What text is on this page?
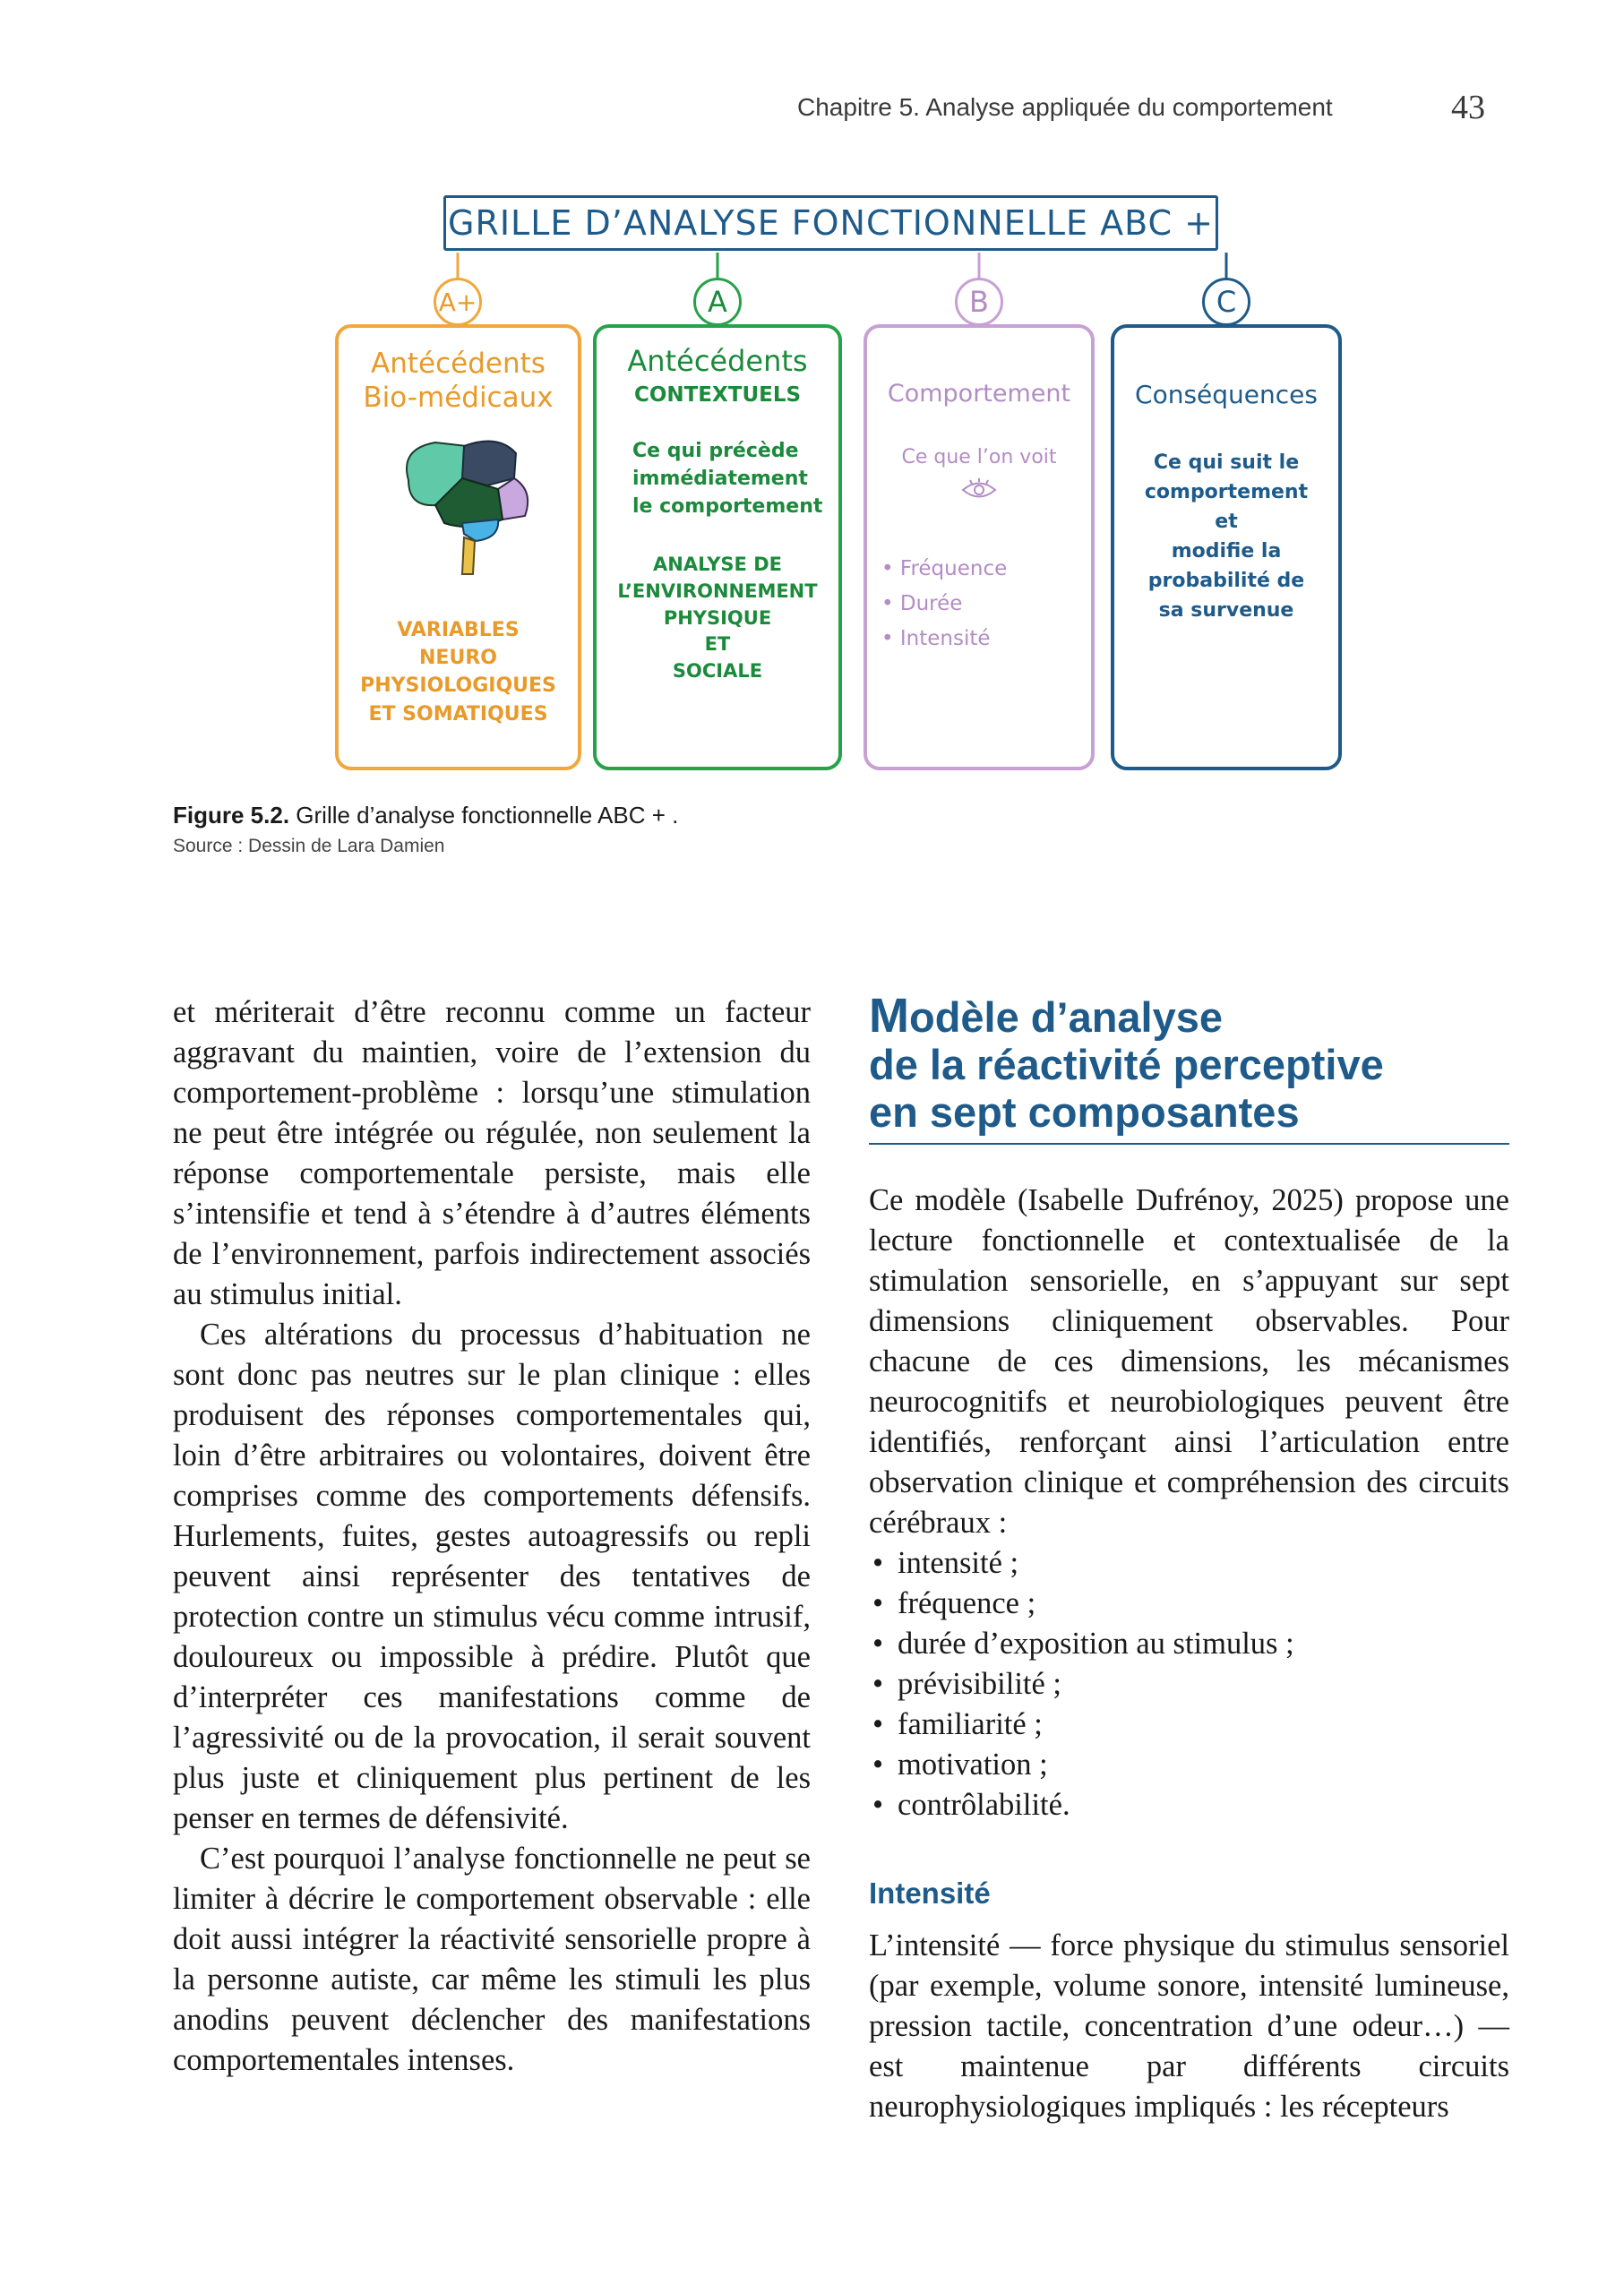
Chapitre 5. Analyse appliquée du comportement	43
GRILLE D’ANALYSE FONCTIONNELLE ABC +
A+	A	B	C
Antécédents
Bio-médicaux
VARIABLES
NEURO
PHYSIOLOGIQUES
ET SOMATIQUES
Antécédents
CONTEXTUELS
Ce qui précède
immédiatement
le comportement
ANALYSE DE
L’ENVIRONNEMENT
PHYSIQUE
ET
SOCIALE
Comportement
Ce que l’on voit
• Fréquence
• Durée
• Intensité
Conséquences
Ce qui suit le
comportement
et
modifie la
probabilité de
sa survenue
Figure 5.2. Grille d’analyse fonctionnelle ABC + .
Source : Dessin de Lara Damien

et mériterait d’être reconnu comme un facteur aggravant du maintien, voire de l’extension du comportement-problème : lorsqu’une stimulation ne peut être intégrée ou régulée, non seulement la réponse comportementale persiste, mais elle s’intensifie et tend à s’étendre à d’autres éléments de l’environnement, parfois indirectement associés au stimulus initial.

Ces altérations du processus d’habituation ne sont donc pas neutres sur le plan clinique : elles produisent des réponses comportementales qui, loin d’être arbitraires ou volontaires, doivent être comprises comme des comportements défensifs. Hurlements, fuites, gestes autoagressifs ou repli peuvent ainsi représenter des tentatives de protection contre un stimulus vécu comme intrusif, douloureux ou impossible à prédire. Plutôt que d’interpréter ces manifestations comme de l’agressivité ou de la provocation, il serait souvent plus juste et cliniquement plus pertinent de les penser en termes de défensivité.

C’est pourquoi l’analyse fonctionnelle ne peut se limiter à décrire le comportement observable : elle doit aussi intégrer la réactivité sensorielle propre à la personne autiste, car même les stimuli les plus anodins peuvent déclencher des manifestations comportementales intenses.

Modèle d’analyse
de la réactivité perceptive
en sept composantes

Ce modèle (Isabelle Dufrénoy, 2025) propose une lecture fonctionnelle et contextualisée de la stimulation sensorielle, en s’appuyant sur sept dimensions cliniquement observables. Pour chacune de ces dimensions, les mécanismes neurocognitifs et neurobiologiques peuvent être identifiés, renforçant ainsi l’articulation entre observation clinique et compréhension des circuits cérébraux :

• intensité ;
• fréquence ;
• durée d’exposition au stimulus ;
• prévisibilité ;
• familiarité ;
• motivation ;
• contrôlabilité.
Intensité

L’intensité — force physique du stimulus sensoriel (par exemple, volume sonore, intensité lumineuse, pression tactile, concentration d’une odeur…) — est maintenue par différents circuits neurophysiologiques impliqués : les récepteurs
